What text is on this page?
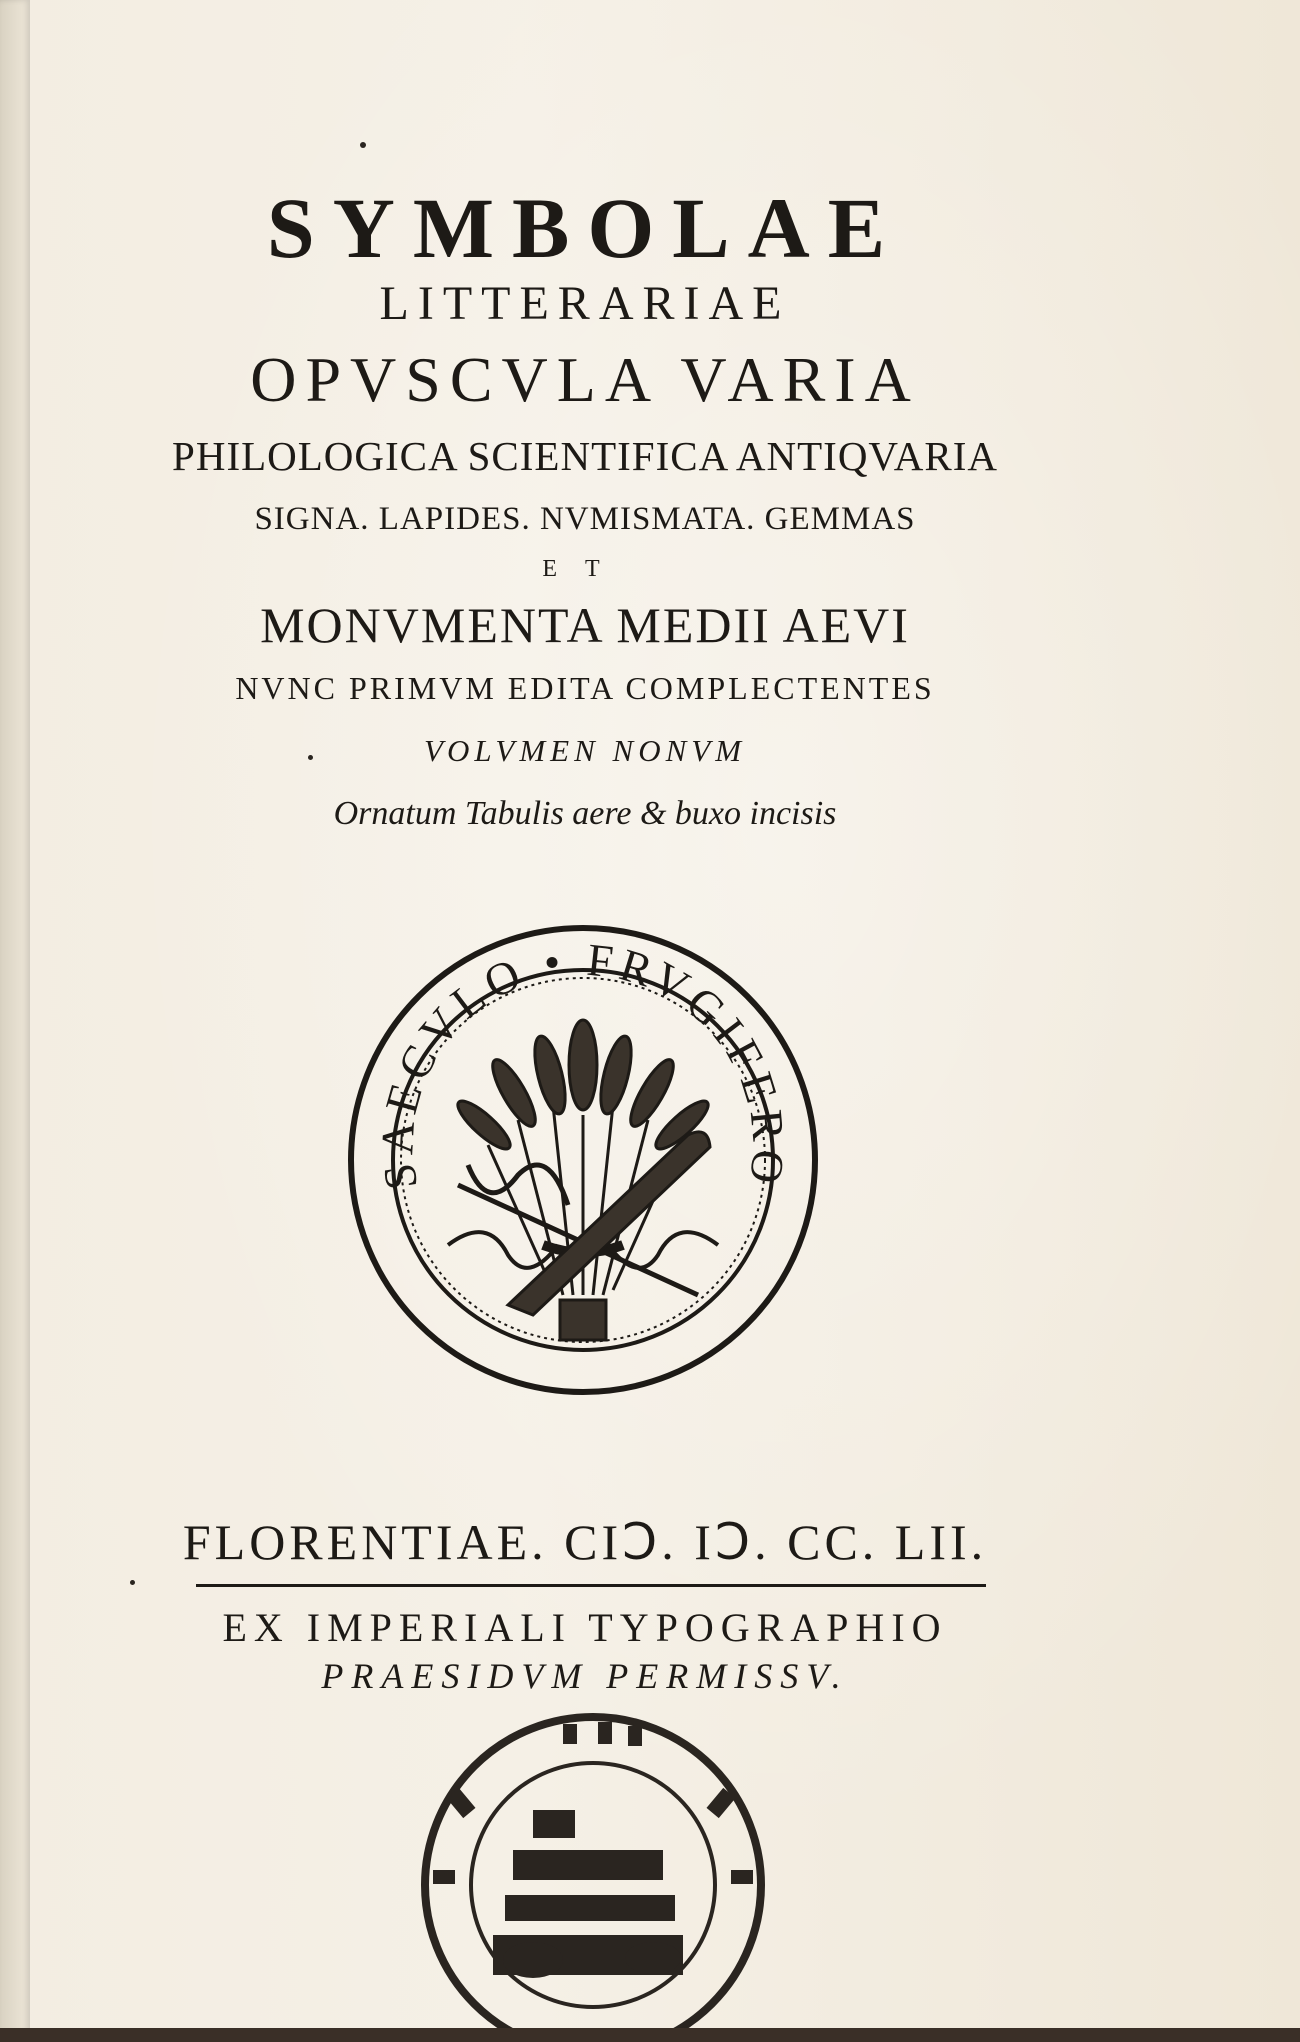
SYMBOLAE
LITTERARIAE
OPVSCVLA VARIA
PHILOLOGICA SCIENTIFICA ANTIQVARIA
SIGNA. LAPIDES. NVMISMATA. GEMMAS
ET
MONVMENTA MEDII AEVI
NVNC PRIMVM EDITA COMPLECTENTES
VOLVMEN NONVM
Ornatum Tabulis aere & buxo incisis
SAECVLO • FRVGIFERO
FLORENTIAE. CIↃ. IↃ. CC. LII.
EX IMPERIALI TYPOGRAPHIO
PRAESIDVM PERMISSV.
